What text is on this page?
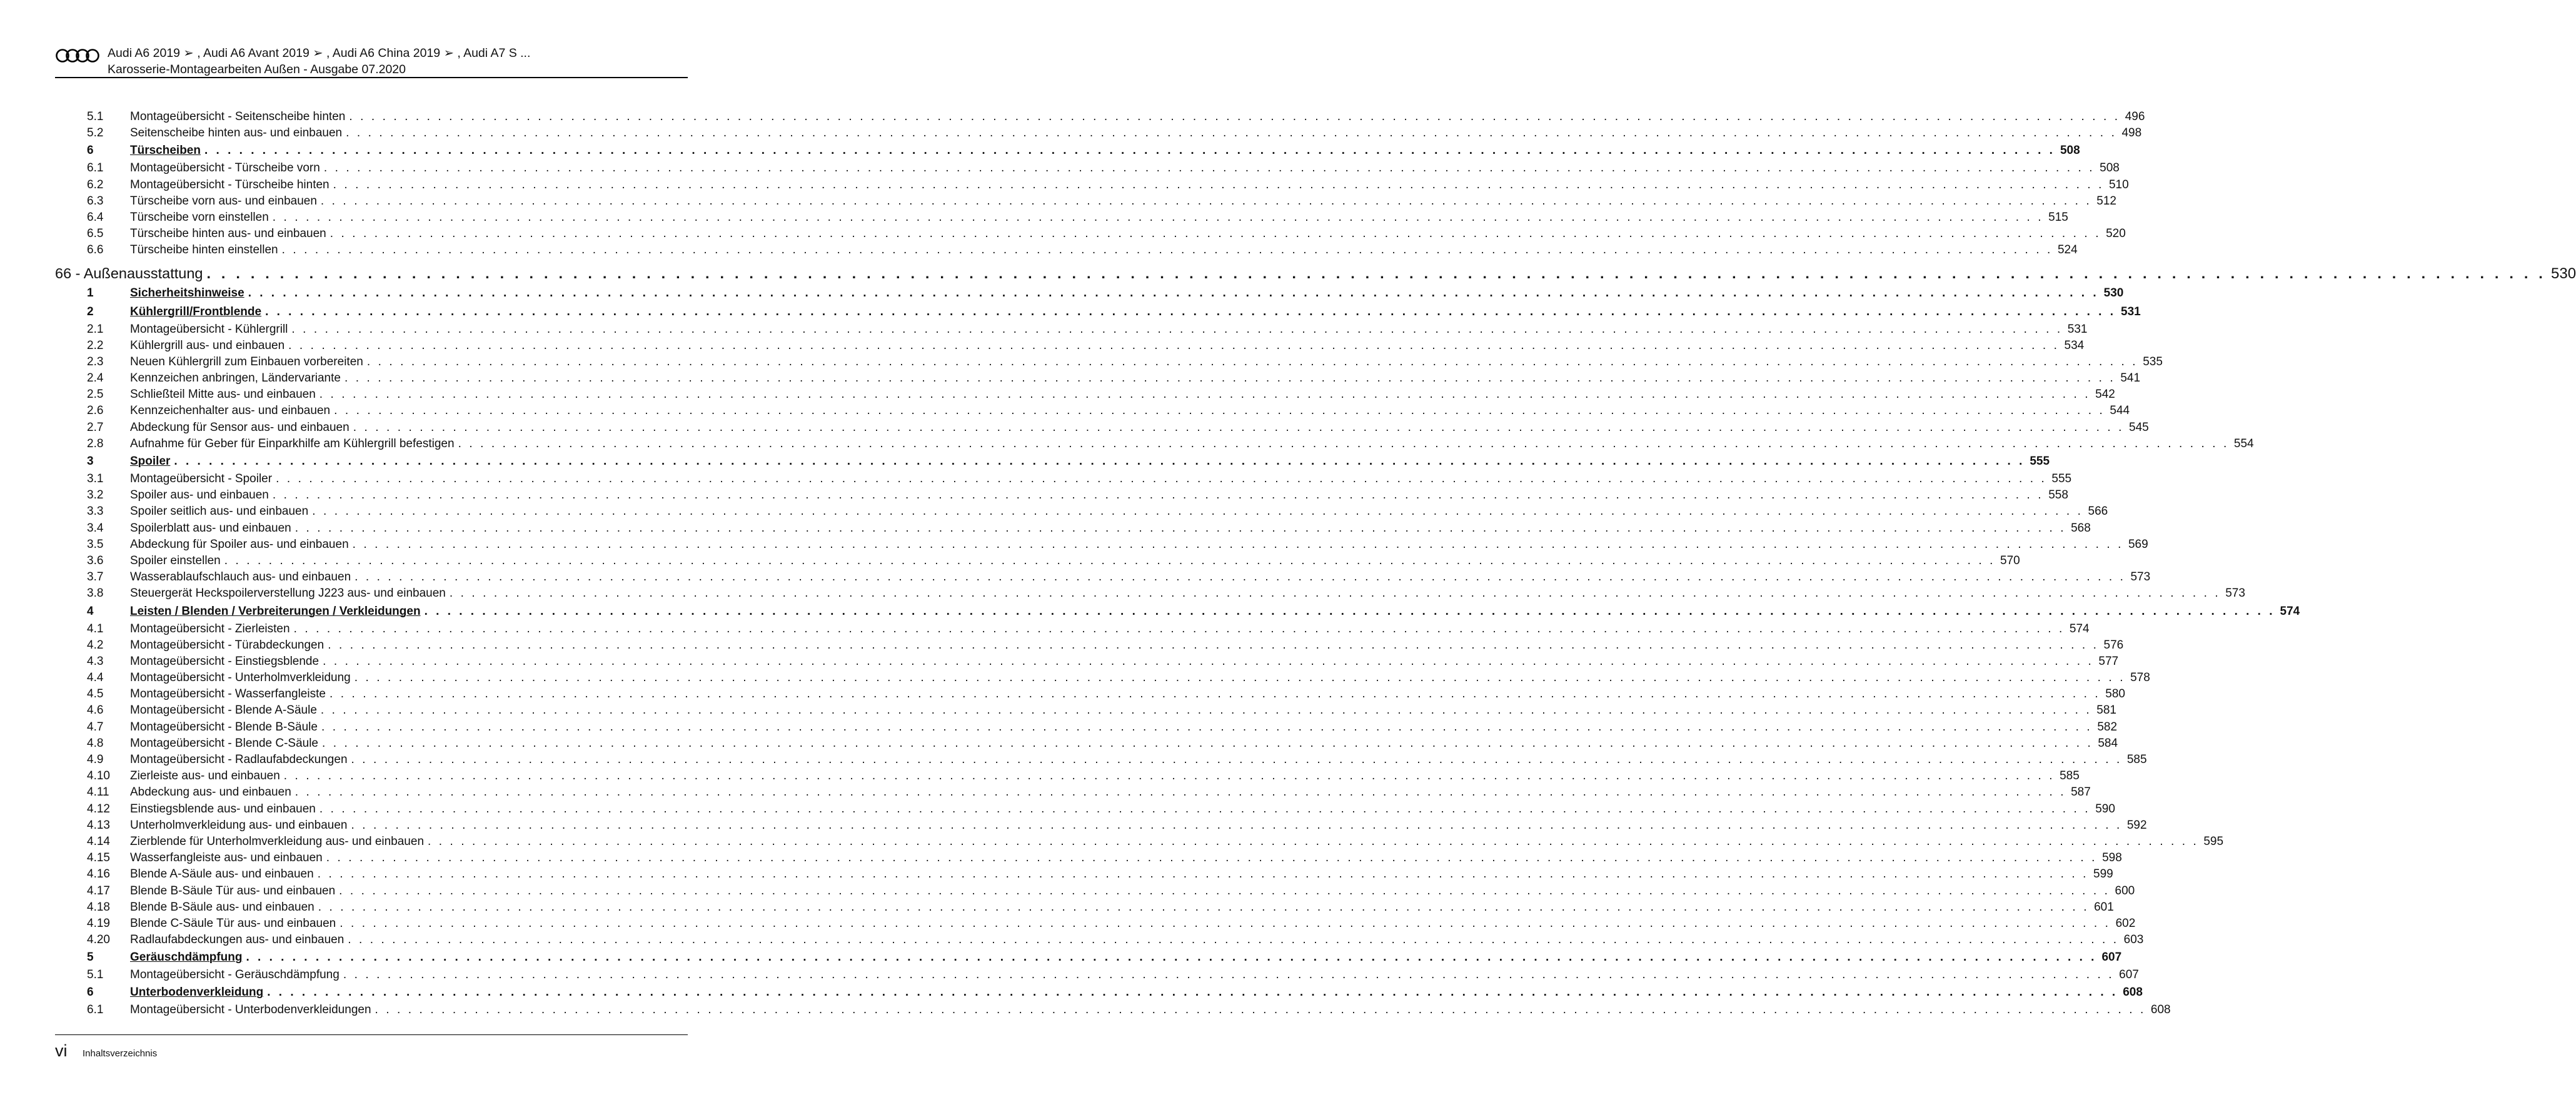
Audi A6 2019 ➢ , Audi A6 Avant 2019 ➢ , Audi A6 China 2019 ➢ , Audi A7 S ...
Karosserie-Montagearbeiten Außen - Ausgabe 07.2020
5.1	Montageübersicht - Seitenscheibe hinten . . . . . . . . . . . . . . . . . . . . . . . . . . . . . . . . . . . . . . . . . . . . . . . . . . . . . . . . . . . . . . . . . . . . . . . . . . . . . . . . . . . . . . . . . . . . . . . . . . . . . . . . . . . . . . . . . . . . . . . . . . . . . . . . . . . . . . . . . . . . . . . . . . . . . . . . . . . . . . . . 496
5.2	Seitenscheibe hinten aus- und einbauen . . . . . . . . . . . . . . . . . . . . . . . . . . . . . . . . . . . . . . . . . . . . . . . . . . . . . . . . . . . . . . . . . . . . . . . . . . . . . . . . . . . . . . . . . . . . . . . . . . . . . . . . . . . . . . . . . . . . . . . . . . . . . . . . . . . . . . . . . . . . . . . . . . . . . . . . . . . . . . . . 498
6	Türscheiben . . . . . . . . . . . . . . . . . . . . . . . . . . . . . . . . . . . . . . . . . . . . . . . . . . . . . . . . . . . . . . . . . . . . . . . . . . . . . . . . . . . . . . . . . . . . . . . . . . . . . . . . . . . . . . . . . . . . . . . . . . . . . . . . . . . . . . . . . . . . . . . . . . . . . . . . . . . . . . . . 508
6.1	Montageübersicht - Türscheibe vorn . . . . . . . . . . . . . . . . . . . . . . . . . . . . . . . . . . . . . . . . . . . . . . . . . . . . . . . . . . . . . . . . . . . . . . . . . . . . . . . . . . . . . . . . . . . . . . . . . . . . . . . . . . . . . . . . . . . . . . . . . . . . . . . . . . . . . . . . . . . . . . . . . . . . . . . . . . . . . . . . 508
6.2	Montageübersicht - Türscheibe hinten . . . . . . . . . . . . . . . . . . . . . . . . . . . . . . . . . . . . . . . . . . . . . . . . . . . . . . . . . . . . . . . . . . . . . . . . . . . . . . . . . . . . . . . . . . . . . . . . . . . . . . . . . . . . . . . . . . . . . . . . . . . . . . . . . . . . . . . . . . . . . . . . . . . . . . . . . . . . . . . . 510
6.3	Türscheibe vorn aus- und einbauen . . . . . . . . . . . . . . . . . . . . . . . . . . . . . . . . . . . . . . . . . . . . . . . . . . . . . . . . . . . . . . . . . . . . . . . . . . . . . . . . . . . . . . . . . . . . . . . . . . . . . . . . . . . . . . . . . . . . . . . . . . . . . . . . . . . . . . . . . . . . . . . . . . . . . . . . . . . . . . . . 512
6.4	Türscheibe vorn einstellen . . . . . . . . . . . . . . . . . . . . . . . . . . . . . . . . . . . . . . . . . . . . . . . . . . . . . . . . . . . . . . . . . . . . . . . . . . . . . . . . . . . . . . . . . . . . . . . . . . . . . . . . . . . . . . . . . . . . . . . . . . . . . . . . . . . . . . . . . . . . . . . . . . . . . . . . . . . . . . . . 515
6.5	Türscheibe hinten aus- und einbauen . . . . . . . . . . . . . . . . . . . . . . . . . . . . . . . . . . . . . . . . . . . . . . . . . . . . . . . . . . . . . . . . . . . . . . . . . . . . . . . . . . . . . . . . . . . . . . . . . . . . . . . . . . . . . . . . . . . . . . . . . . . . . . . . . . . . . . . . . . . . . . . . . . . . . . . . . . . . . . . . 520
6.6	Türscheibe hinten einstellen . . . . . . . . . . . . . . . . . . . . . . . . . . . . . . . . . . . . . . . . . . . . . . . . . . . . . . . . . . . . . . . . . . . . . . . . . . . . . . . . . . . . . . . . . . . . . . . . . . . . . . . . . . . . . . . . . . . . . . . . . . . . . . . . . . . . . . . . . . . . . . . . . . . . . . . . . . . . . . . . 524
66 - Außenausstattung . . . . . . . . . . . . . . . . . . . . . . . . . . . . . . . . . . . . . . . . . . . . . . . . . . . . . . . . . . . . . . . . . . . . . . . . . . . . . . . . . . . . . . . . . . . . . . . . . . . . . . . . . . . . . . . . . . . . . . . . . . . . . . . . . . . . . . . . . . . . . . . . . . . . . . . . . . . . . . . . 530
1	Sicherheitshinweise . . . . . . . . . . . . . . . . . . . . . . . . . . . . . . . . . . . . . . . . . . . . . . . . . . . . . . . . . . . . . . . . . . . . . . . . . . . . . . . . . . . . . . . . . . . . . . . . . . . . . . . . . . . . . . . . . . . . . . . . . . . . . . . . . . . . . . . . . . . . . . . . . . . . . . . . . . . . . . . . 530
2	Kühlergrill/Frontblende . . . . . . . . . . . . . . . . . . . . . . . . . . . . . . . . . . . . . . . . . . . . . . . . . . . . . . . . . . . . . . . . . . . . . . . . . . . . . . . . . . . . . . . . . . . . . . . . . . . . . . . . . . . . . . . . . . . . . . . . . . . . . . . . . . . . . . . . . . . . . . . . . . . . . . . . . . . . . . . . 531
2.1	Montageübersicht - Kühlergrill . . . . . . . . . . . . . . . . . . . . . . . . . . . . . . . . . . . . . . . . . . . . . . . . . . . . . . . . . . . . . . . . . . . . . . . . . . . . . . . . . . . . . . . . . . . . . . . . . . . . . . . . . . . . . . . . . . . . . . . . . . . . . . . . . . . . . . . . . . . . . . . . . . . . . . . . . . . . . . . . 531
2.2	Kühlergrill aus- und einbauen . . . . . . . . . . . . . . . . . . . . . . . . . . . . . . . . . . . . . . . . . . . . . . . . . . . . . . . . . . . . . . . . . . . . . . . . . . . . . . . . . . . . . . . . . . . . . . . . . . . . . . . . . . . . . . . . . . . . . . . . . . . . . . . . . . . . . . . . . . . . . . . . . . . . . . . . . . . . . . . . 534
2.3	Neuen Kühlergrill zum Einbauen vorbereiten . . . . . . . . . . . . . . . . . . . . . . . . . . . . . . . . . . . . . . . . . . . . . . . . . . . . . . . . . . . . . . . . . . . . . . . . . . . . . . . . . . . . . . . . . . . . . . . . . . . . . . . . . . . . . . . . . . . . . . . . . . . . . . . . . . . . . . . . . . . . . . . . . . . . . . . . . . . . . . . . 535
2.4	Kennzeichen anbringen, Ländervariante . . . . . . . . . . . . . . . . . . . . . . . . . . . . . . . . . . . . . . . . . . . . . . . . . . . . . . . . . . . . . . . . . . . . . . . . . . . . . . . . . . . . . . . . . . . . . . . . . . . . . . . . . . . . . . . . . . . . . . . . . . . . . . . . . . . . . . . . . . . . . . . . . . . . . . . . . . . . . . . . 541
2.5	Schließteil Mitte aus- und einbauen . . . . . . . . . . . . . . . . . . . . . . . . . . . . . . . . . . . . . . . . . . . . . . . . . . . . . . . . . . . . . . . . . . . . . . . . . . . . . . . . . . . . . . . . . . . . . . . . . . . . . . . . . . . . . . . . . . . . . . . . . . . . . . . . . . . . . . . . . . . . . . . . . . . . . . . . . . . . . . . . 542
2.6	Kennzeichenhalter aus- und einbauen . . . . . . . . . . . . . . . . . . . . . . . . . . . . . . . . . . . . . . . . . . . . . . . . . . . . . . . . . . . . . . . . . . . . . . . . . . . . . . . . . . . . . . . . . . . . . . . . . . . . . . . . . . . . . . . . . . . . . . . . . . . . . . . . . . . . . . . . . . . . . . . . . . . . . . . . . . . . . . . . 544
2.7	Abdeckung für Sensor aus- und einbauen . . . . . . . . . . . . . . . . . . . . . . . . . . . . . . . . . . . . . . . . . . . . . . . . . . . . . . . . . . . . . . . . . . . . . . . . . . . . . . . . . . . . . . . . . . . . . . . . . . . . . . . . . . . . . . . . . . . . . . . . . . . . . . . . . . . . . . . . . . . . . . . . . . . . . . . . . . . . . . . . 545
2.8	Aufnahme für Geber für Einparkhilfe am Kühlergrill befestigen . . . . . . . . . . . . . . . . . . . . . . . . . . . . . . . . . . . . . . . . . . . . . . . . . . . . . . . . . . . . . . . . . . . . . . . . . . . . . . . . . . . . . . . . . . . . . . . . . . . . . . . . . . . . . . . . . . . . . . . . . . . . . . . . . . . . . . . . . . . . . . . . . . . . . . . . . . . . . . . . 554
3	Spoiler . . . . . . . . . . . . . . . . . . . . . . . . . . . . . . . . . . . . . . . . . . . . . . . . . . . . . . . . . . . . . . . . . . . . . . . . . . . . . . . . . . . . . . . . . . . . . . . . . . . . . . . . . . . . . . . . . . . . . . . . . . . . . . . . . . . . . . . . . . . . . . . . . . . . . . . . . . . . . . . . 555
3.1	Montageübersicht - Spoiler . . . . . . . . . . . . . . . . . . . . . . . . . . . . . . . . . . . . . . . . . . . . . . . . . . . . . . . . . . . . . . . . . . . . . . . . . . . . . . . . . . . . . . . . . . . . . . . . . . . . . . . . . . . . . . . . . . . . . . . . . . . . . . . . . . . . . . . . . . . . . . . . . . . . . . . . . . . . . . . . 555
3.2	Spoiler aus- und einbauen . . . . . . . . . . . . . . . . . . . . . . . . . . . . . . . . . . . . . . . . . . . . . . . . . . . . . . . . . . . . . . . . . . . . . . . . . . . . . . . . . . . . . . . . . . . . . . . . . . . . . . . . . . . . . . . . . . . . . . . . . . . . . . . . . . . . . . . . . . . . . . . . . . . . . . . . . . . . . . . . 558
3.3	Spoiler seitlich aus- und einbauen . . . . . . . . . . . . . . . . . . . . . . . . . . . . . . . . . . . . . . . . . . . . . . . . . . . . . . . . . . . . . . . . . . . . . . . . . . . . . . . . . . . . . . . . . . . . . . . . . . . . . . . . . . . . . . . . . . . . . . . . . . . . . . . . . . . . . . . . . . . . . . . . . . . . . . . . . . . . . . . . 566
3.4	Spoilerblatt aus- und einbauen . . . . . . . . . . . . . . . . . . . . . . . . . . . . . . . . . . . . . . . . . . . . . . . . . . . . . . . . . . . . . . . . . . . . . . . . . . . . . . . . . . . . . . . . . . . . . . . . . . . . . . . . . . . . . . . . . . . . . . . . . . . . . . . . . . . . . . . . . . . . . . . . . . . . . . . . . . . . . . . . 568
3.5	Abdeckung für Spoiler aus- und einbauen . . . . . . . . . . . . . . . . . . . . . . . . . . . . . . . . . . . . . . . . . . . . . . . . . . . . . . . . . . . . . . . . . . . . . . . . . . . . . . . . . . . . . . . . . . . . . . . . . . . . . . . . . . . . . . . . . . . . . . . . . . . . . . . . . . . . . . . . . . . . . . . . . . . . . . . . . . . . . . . . 569
3.6	Spoiler einstellen . . . . . . . . . . . . . . . . . . . . . . . . . . . . . . . . . . . . . . . . . . . . . . . . . . . . . . . . . . . . . . . . . . . . . . . . . . . . . . . . . . . . . . . . . . . . . . . . . . . . . . . . . . . . . . . . . . . . . . . . . . . . . . . . . . . . . . . . . . . . . . . . . . . . . . . . . . . . . . . . 570
3.7	Wasserablaufschlauch aus- und einbauen . . . . . . . . . . . . . . . . . . . . . . . . . . . . . . . . . . . . . . . . . . . . . . . . . . . . . . . . . . . . . . . . . . . . . . . . . . . . . . . . . . . . . . . . . . . . . . . . . . . . . . . . . . . . . . . . . . . . . . . . . . . . . . . . . . . . . . . . . . . . . . . . . . . . . . . . . . . . . . . . 573
3.8	Steuergerät Heckspoilerverstellung J223 aus- und einbauen . . . . . . . . . . . . . . . . . . . . . . . . . . . . . . . . . . . . . . . . . . . . . . . . . . . . . . . . . . . . . . . . . . . . . . . . . . . . . . . . . . . . . . . . . . . . . . . . . . . . . . . . . . . . . . . . . . . . . . . . . . . . . . . . . . . . . . . . . . . . . . . . . . . . . . . . . . . . . . . . 573
4	Leisten / Blenden / Verbreiterungen / Verkleidungen . . . . . . . . . . . . . . . . . . . . . . . . . . . . . . . . . . . . . . . . . . . . . . . . . . . . . . . . . . . . . . . . . . . . . . . . . . . . . . . . . . . . . . . . . . . . . . . . . . . . . . . . . . . . . . . . . . . . . . . . . . . . . . . . . . . . . . . . . . . . . . . . . . . . . . . . . . . . . . . . 574
4.1	Montageübersicht - Zierleisten . . . . . . . . . . . . . . . . . . . . . . . . . . . . . . . . . . . . . . . . . . . . . . . . . . . . . . . . . . . . . . . . . . . . . . . . . . . . . . . . . . . . . . . . . . . . . . . . . . . . . . . . . . . . . . . . . . . . . . . . . . . . . . . . . . . . . . . . . . . . . . . . . . . . . . . . . . . . . . . . 574
4.2	Montageübersicht - Türabdeckungen . . . . . . . . . . . . . . . . . . . . . . . . . . . . . . . . . . . . . . . . . . . . . . . . . . . . . . . . . . . . . . . . . . . . . . . . . . . . . . . . . . . . . . . . . . . . . . . . . . . . . . . . . . . . . . . . . . . . . . . . . . . . . . . . . . . . . . . . . . . . . . . . . . . . . . . . . . . . . . . . 576
4.3	Montageübersicht - Einstiegsblende . . . . . . . . . . . . . . . . . . . . . . . . . . . . . . . . . . . . . . . . . . . . . . . . . . . . . . . . . . . . . . . . . . . . . . . . . . . . . . . . . . . . . . . . . . . . . . . . . . . . . . . . . . . . . . . . . . . . . . . . . . . . . . . . . . . . . . . . . . . . . . . . . . . . . . . . . . . . . . . . 577
4.4	Montageübersicht - Unterholmverkleidung . . . . . . . . . . . . . . . . . . . . . . . . . . . . . . . . . . . . . . . . . . . . . . . . . . . . . . . . . . . . . . . . . . . . . . . . . . . . . . . . . . . . . . . . . . . . . . . . . . . . . . . . . . . . . . . . . . . . . . . . . . . . . . . . . . . . . . . . . . . . . . . . . . . . . . . . . . . . . . . . 578
4.5	Montageübersicht - Wasserfangleiste . . . . . . . . . . . . . . . . . . . . . . . . . . . . . . . . . . . . . . . . . . . . . . . . . . . . . . . . . . . . . . . . . . . . . . . . . . . . . . . . . . . . . . . . . . . . . . . . . . . . . . . . . . . . . . . . . . . . . . . . . . . . . . . . . . . . . . . . . . . . . . . . . . . . . . . . . . . . . . . . 580
4.6	Montageübersicht - Blende A-Säule . . . . . . . . . . . . . . . . . . . . . . . . . . . . . . . . . . . . . . . . . . . . . . . . . . . . . . . . . . . . . . . . . . . . . . . . . . . . . . . . . . . . . . . . . . . . . . . . . . . . . . . . . . . . . . . . . . . . . . . . . . . . . . . . . . . . . . . . . . . . . . . . . . . . . . . . . . . . . . . . 581
4.7	Montageübersicht - Blende B-Säule . . . . . . . . . . . . . . . . . . . . . . . . . . . . . . . . . . . . . . . . . . . . . . . . . . . . . . . . . . . . . . . . . . . . . . . . . . . . . . . . . . . . . . . . . . . . . . . . . . . . . . . . . . . . . . . . . . . . . . . . . . . . . . . . . . . . . . . . . . . . . . . . . . . . . . . . . . . . . . . . 582
4.8	Montageübersicht - Blende C-Säule . . . . . . . . . . . . . . . . . . . . . . . . . . . . . . . . . . . . . . . . . . . . . . . . . . . . . . . . . . . . . . . . . . . . . . . . . . . . . . . . . . . . . . . . . . . . . . . . . . . . . . . . . . . . . . . . . . . . . . . . . . . . . . . . . . . . . . . . . . . . . . . . . . . . . . . . . . . . . . . . 584
4.9	Montageübersicht - Radlaufabdeckungen . . . . . . . . . . . . . . . . . . . . . . . . . . . . . . . . . . . . . . . . . . . . . . . . . . . . . . . . . . . . . . . . . . . . . . . . . . . . . . . . . . . . . . . . . . . . . . . . . . . . . . . . . . . . . . . . . . . . . . . . . . . . . . . . . . . . . . . . . . . . . . . . . . . . . . . . . . . . . . . . 585
4.10	Zierleiste aus- und einbauen . . . . . . . . . . . . . . . . . . . . . . . . . . . . . . . . . . . . . . . . . . . . . . . . . . . . . . . . . . . . . . . . . . . . . . . . . . . . . . . . . . . . . . . . . . . . . . . . . . . . . . . . . . . . . . . . . . . . . . . . . . . . . . . . . . . . . . . . . . . . . . . . . . . . . . . . . . . . . . . . 585
4.11	Abdeckung aus- und einbauen . . . . . . . . . . . . . . . . . . . . . . . . . . . . . . . . . . . . . . . . . . . . . . . . . . . . . . . . . . . . . . . . . . . . . . . . . . . . . . . . . . . . . . . . . . . . . . . . . . . . . . . . . . . . . . . . . . . . . . . . . . . . . . . . . . . . . . . . . . . . . . . . . . . . . . . . . . . . . . . . 587
4.12	Einstiegsblende aus- und einbauen . . . . . . . . . . . . . . . . . . . . . . . . . . . . . . . . . . . . . . . . . . . . . . . . . . . . . . . . . . . . . . . . . . . . . . . . . . . . . . . . . . . . . . . . . . . . . . . . . . . . . . . . . . . . . . . . . . . . . . . . . . . . . . . . . . . . . . . . . . . . . . . . . . . . . . . . . . . . . . . . 590
4.13	Unterholmverkleidung aus- und einbauen . . . . . . . . . . . . . . . . . . . . . . . . . . . . . . . . . . . . . . . . . . . . . . . . . . . . . . . . . . . . . . . . . . . . . . . . . . . . . . . . . . . . . . . . . . . . . . . . . . . . . . . . . . . . . . . . . . . . . . . . . . . . . . . . . . . . . . . . . . . . . . . . . . . . . . . . . . . . . . . . 592
4.14	Zierblende für Unterholmverkleidung aus- und einbauen . . . . . . . . . . . . . . . . . . . . . . . . . . . . . . . . . . . . . . . . . . . . . . . . . . . . . . . . . . . . . . . . . . . . . . . . . . . . . . . . . . . . . . . . . . . . . . . . . . . . . . . . . . . . . . . . . . . . . . . . . . . . . . . . . . . . . . . . . . . . . . . . . . . . . . . . . . . . . . . . 595
4.15	Wasserfangleiste aus- und einbauen . . . . . . . . . . . . . . . . . . . . . . . . . . . . . . . . . . . . . . . . . . . . . . . . . . . . . . . . . . . . . . . . . . . . . . . . . . . . . . . . . . . . . . . . . . . . . . . . . . . . . . . . . . . . . . . . . . . . . . . . . . . . . . . . . . . . . . . . . . . . . . . . . . . . . . . . . . . . . . . . 598
4.16	Blende A-Säule aus- und einbauen . . . . . . . . . . . . . . . . . . . . . . . . . . . . . . . . . . . . . . . . . . . . . . . . . . . . . . . . . . . . . . . . . . . . . . . . . . . . . . . . . . . . . . . . . . . . . . . . . . . . . . . . . . . . . . . . . . . . . . . . . . . . . . . . . . . . . . . . . . . . . . . . . . . . . . . . . . . . . . . . 599
4.17	Blende B-Säule Tür aus- und einbauen . . . . . . . . . . . . . . . . . . . . . . . . . . . . . . . . . . . . . . . . . . . . . . . . . . . . . . . . . . . . . . . . . . . . . . . . . . . . . . . . . . . . . . . . . . . . . . . . . . . . . . . . . . . . . . . . . . . . . . . . . . . . . . . . . . . . . . . . . . . . . . . . . . . . . . . . . . . . . . . . 600
4.18	Blende B-Säule aus- und einbauen . . . . . . . . . . . . . . . . . . . . . . . . . . . . . . . . . . . . . . . . . . . . . . . . . . . . . . . . . . . . . . . . . . . . . . . . . . . . . . . . . . . . . . . . . . . . . . . . . . . . . . . . . . . . . . . . . . . . . . . . . . . . . . . . . . . . . . . . . . . . . . . . . . . . . . . . . . . . . . . . 601
4.19	Blende C-Säule Tür aus- und einbauen . . . . . . . . . . . . . . . . . . . . . . . . . . . . . . . . . . . . . . . . . . . . . . . . . . . . . . . . . . . . . . . . . . . . . . . . . . . . . . . . . . . . . . . . . . . . . . . . . . . . . . . . . . . . . . . . . . . . . . . . . . . . . . . . . . . . . . . . . . . . . . . . . . . . . . . . . . . . . . . . 602
4.20	Radlaufabdeckungen aus- und einbauen . . . . . . . . . . . . . . . . . . . . . . . . . . . . . . . . . . . . . . . . . . . . . . . . . . . . . . . . . . . . . . . . . . . . . . . . . . . . . . . . . . . . . . . . . . . . . . . . . . . . . . . . . . . . . . . . . . . . . . . . . . . . . . . . . . . . . . . . . . . . . . . . . . . . . . . . . . . . . . . . 603
5	Geräuschdämpfung . . . . . . . . . . . . . . . . . . . . . . . . . . . . . . . . . . . . . . . . . . . . . . . . . . . . . . . . . . . . . . . . . . . . . . . . . . . . . . . . . . . . . . . . . . . . . . . . . . . . . . . . . . . . . . . . . . . . . . . . . . . . . . . . . . . . . . . . . . . . . . . . . . . . . . . . . . . . . . . . 607
5.1	Montageübersicht - Geräuschdämpfung . . . . . . . . . . . . . . . . . . . . . . . . . . . . . . . . . . . . . . . . . . . . . . . . . . . . . . . . . . . . . . . . . . . . . . . . . . . . . . . . . . . . . . . . . . . . . . . . . . . . . . . . . . . . . . . . . . . . . . . . . . . . . . . . . . . . . . . . . . . . . . . . . . . . . . . . . . . . . . . . 607
6	Unterbodenverkleidung . . . . . . . . . . . . . . . . . . . . . . . . . . . . . . . . . . . . . . . . . . . . . . . . . . . . . . . . . . . . . . . . . . . . . . . . . . . . . . . . . . . . . . . . . . . . . . . . . . . . . . . . . . . . . . . . . . . . . . . . . . . . . . . . . . . . . . . . . . . . . . . . . . . . . . . . . . . . . . . . 608
6.1	Montageübersicht - Unterbodenverkleidungen . . . . . . . . . . . . . . . . . . . . . . . . . . . . . . . . . . . . . . . . . . . . . . . . . . . . . . . . . . . . . . . . . . . . . . . . . . . . . . . . . . . . . . . . . . . . . . . . . . . . . . . . . . . . . . . . . . . . . . . . . . . . . . . . . . . . . . . . . . . . . . . . . . . . . . . . . . . . . . . . 608
vi Inhaltsverzeichnis
